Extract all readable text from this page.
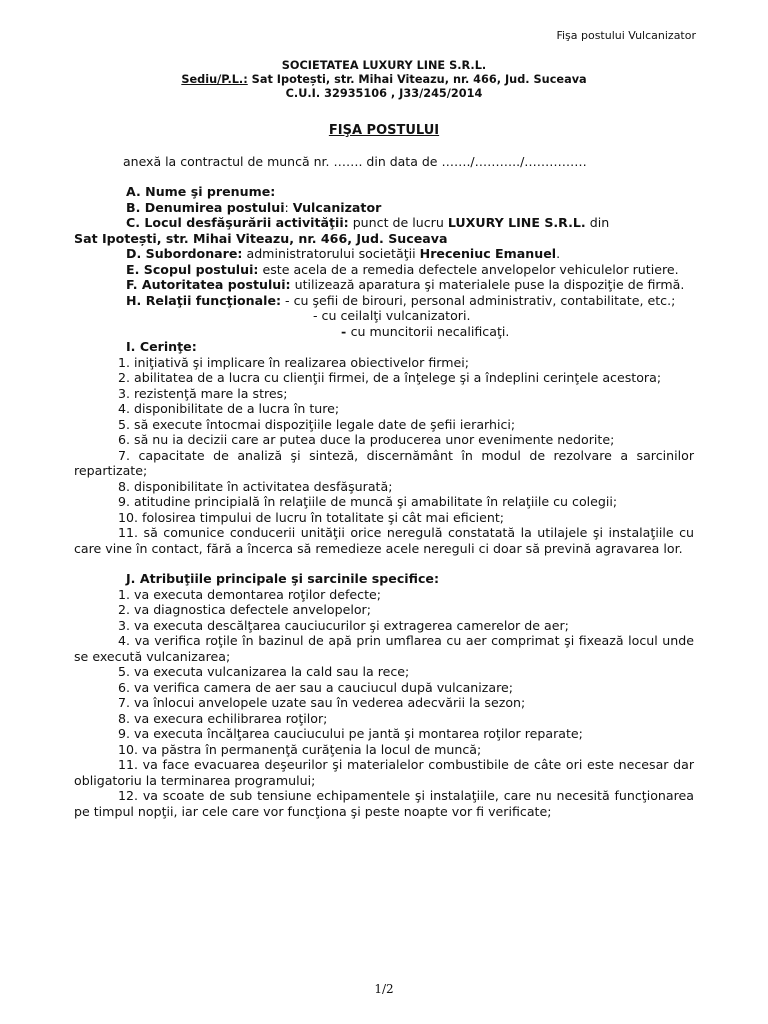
Fişa postului Vulcanizator
SOCIETATEA LUXURY LINE S.R.L.
Sediu/P.L.: Sat Ipotești, str. Mihai Viteazu, nr. 466, Jud. Suceava
C.U.I. 32935106 , J33/245/2014
FIŞA POSTULUI
anexă la contractul de muncă nr. ……. din data de ……./………../……………

A. Nume şi prenume:

B. Denumirea postului: Vulcanizator

C. Locul desfăşurării activităţii: punct de lucru LUXURY LINE S.R.L. din

Sat Ipotești, str. Mihai Viteazu, nr. 466, Jud. Suceava

D. Subordonare: administratorului societăţii Hreceniuc Emanuel.

E. Scopul postului: este acela de a remedia defectele anvelopelor vehiculelor rutiere.

F. Autoritatea postului: utilizează aparatura şi materialele puse la dispoziţie de firmă.

H. Relaţii funcţionale: - cu şefii de birouri, personal administrativ, contabilitate, etc.;

- cu ceilalţi vulcanizatori.

- cu muncitorii necalificaţi.

I. Cerinţe:

1. iniţiativă şi implicare în realizarea obiectivelor firmei;

2. abilitatea de a lucra cu clienţii firmei, de a înţelege şi a îndeplini cerinţele acestora;

3. rezistenţă mare la stres;

4. disponibilitate de a lucra în ture;

5. să execute întocmai dispoziţiile legale date de şefii ierarhici;

6. să nu ia decizii care ar putea duce la producerea unor evenimente nedorite;

7. capacitate de analiză şi sinteză, discernământ în modul de rezolvare a sarcinilor repartizate;

8. disponibilitate în activitatea desfăşurată;

9. atitudine principială în relaţiile de muncă şi amabilitate în relaţiile cu colegii;

10. folosirea timpului de lucru în totalitate şi cât mai eficient;

11. să comunice conducerii unităţii orice neregulă constatată la utilajele şi instalaţiile cu care vine în contact, fără a încerca să remedieze acele nereguli ci doar să prevină agravarea lor.

J. Atribuţiile principale şi sarcinile specifice:

1. va executa demontarea roţilor defecte;

2. va diagnostica defectele anvelopelor;

3. va executa descălţarea cauciucurilor şi extragerea camerelor de aer;

4. va verifica roţile în bazinul de apă prin umflarea cu aer comprimat şi fixează locul unde se execută vulcanizarea;

5. va executa vulcanizarea la cald sau la rece;

6. va verifica camera de aer sau a cauciucul după vulcanizare;

7. va înlocui anvelopele uzate sau în vederea adecvării la sezon;

8. va execura echilibrarea roţilor;

9. va executa încălţarea cauciucului pe jantă şi montarea roţilor reparate;

10. va păstra în permanenţă curăţenia la locul de muncă;

11. va face evacuarea deşeurilor şi materialelor combustibile de câte ori este necesar dar obligatoriu la terminarea programului;

12. va scoate de sub tensiune echipamentele şi instalaţiile, care nu necesită funcţionarea pe timpul nopţii, iar cele care vor funcţiona şi peste noapte vor fi verificate;

1/2
